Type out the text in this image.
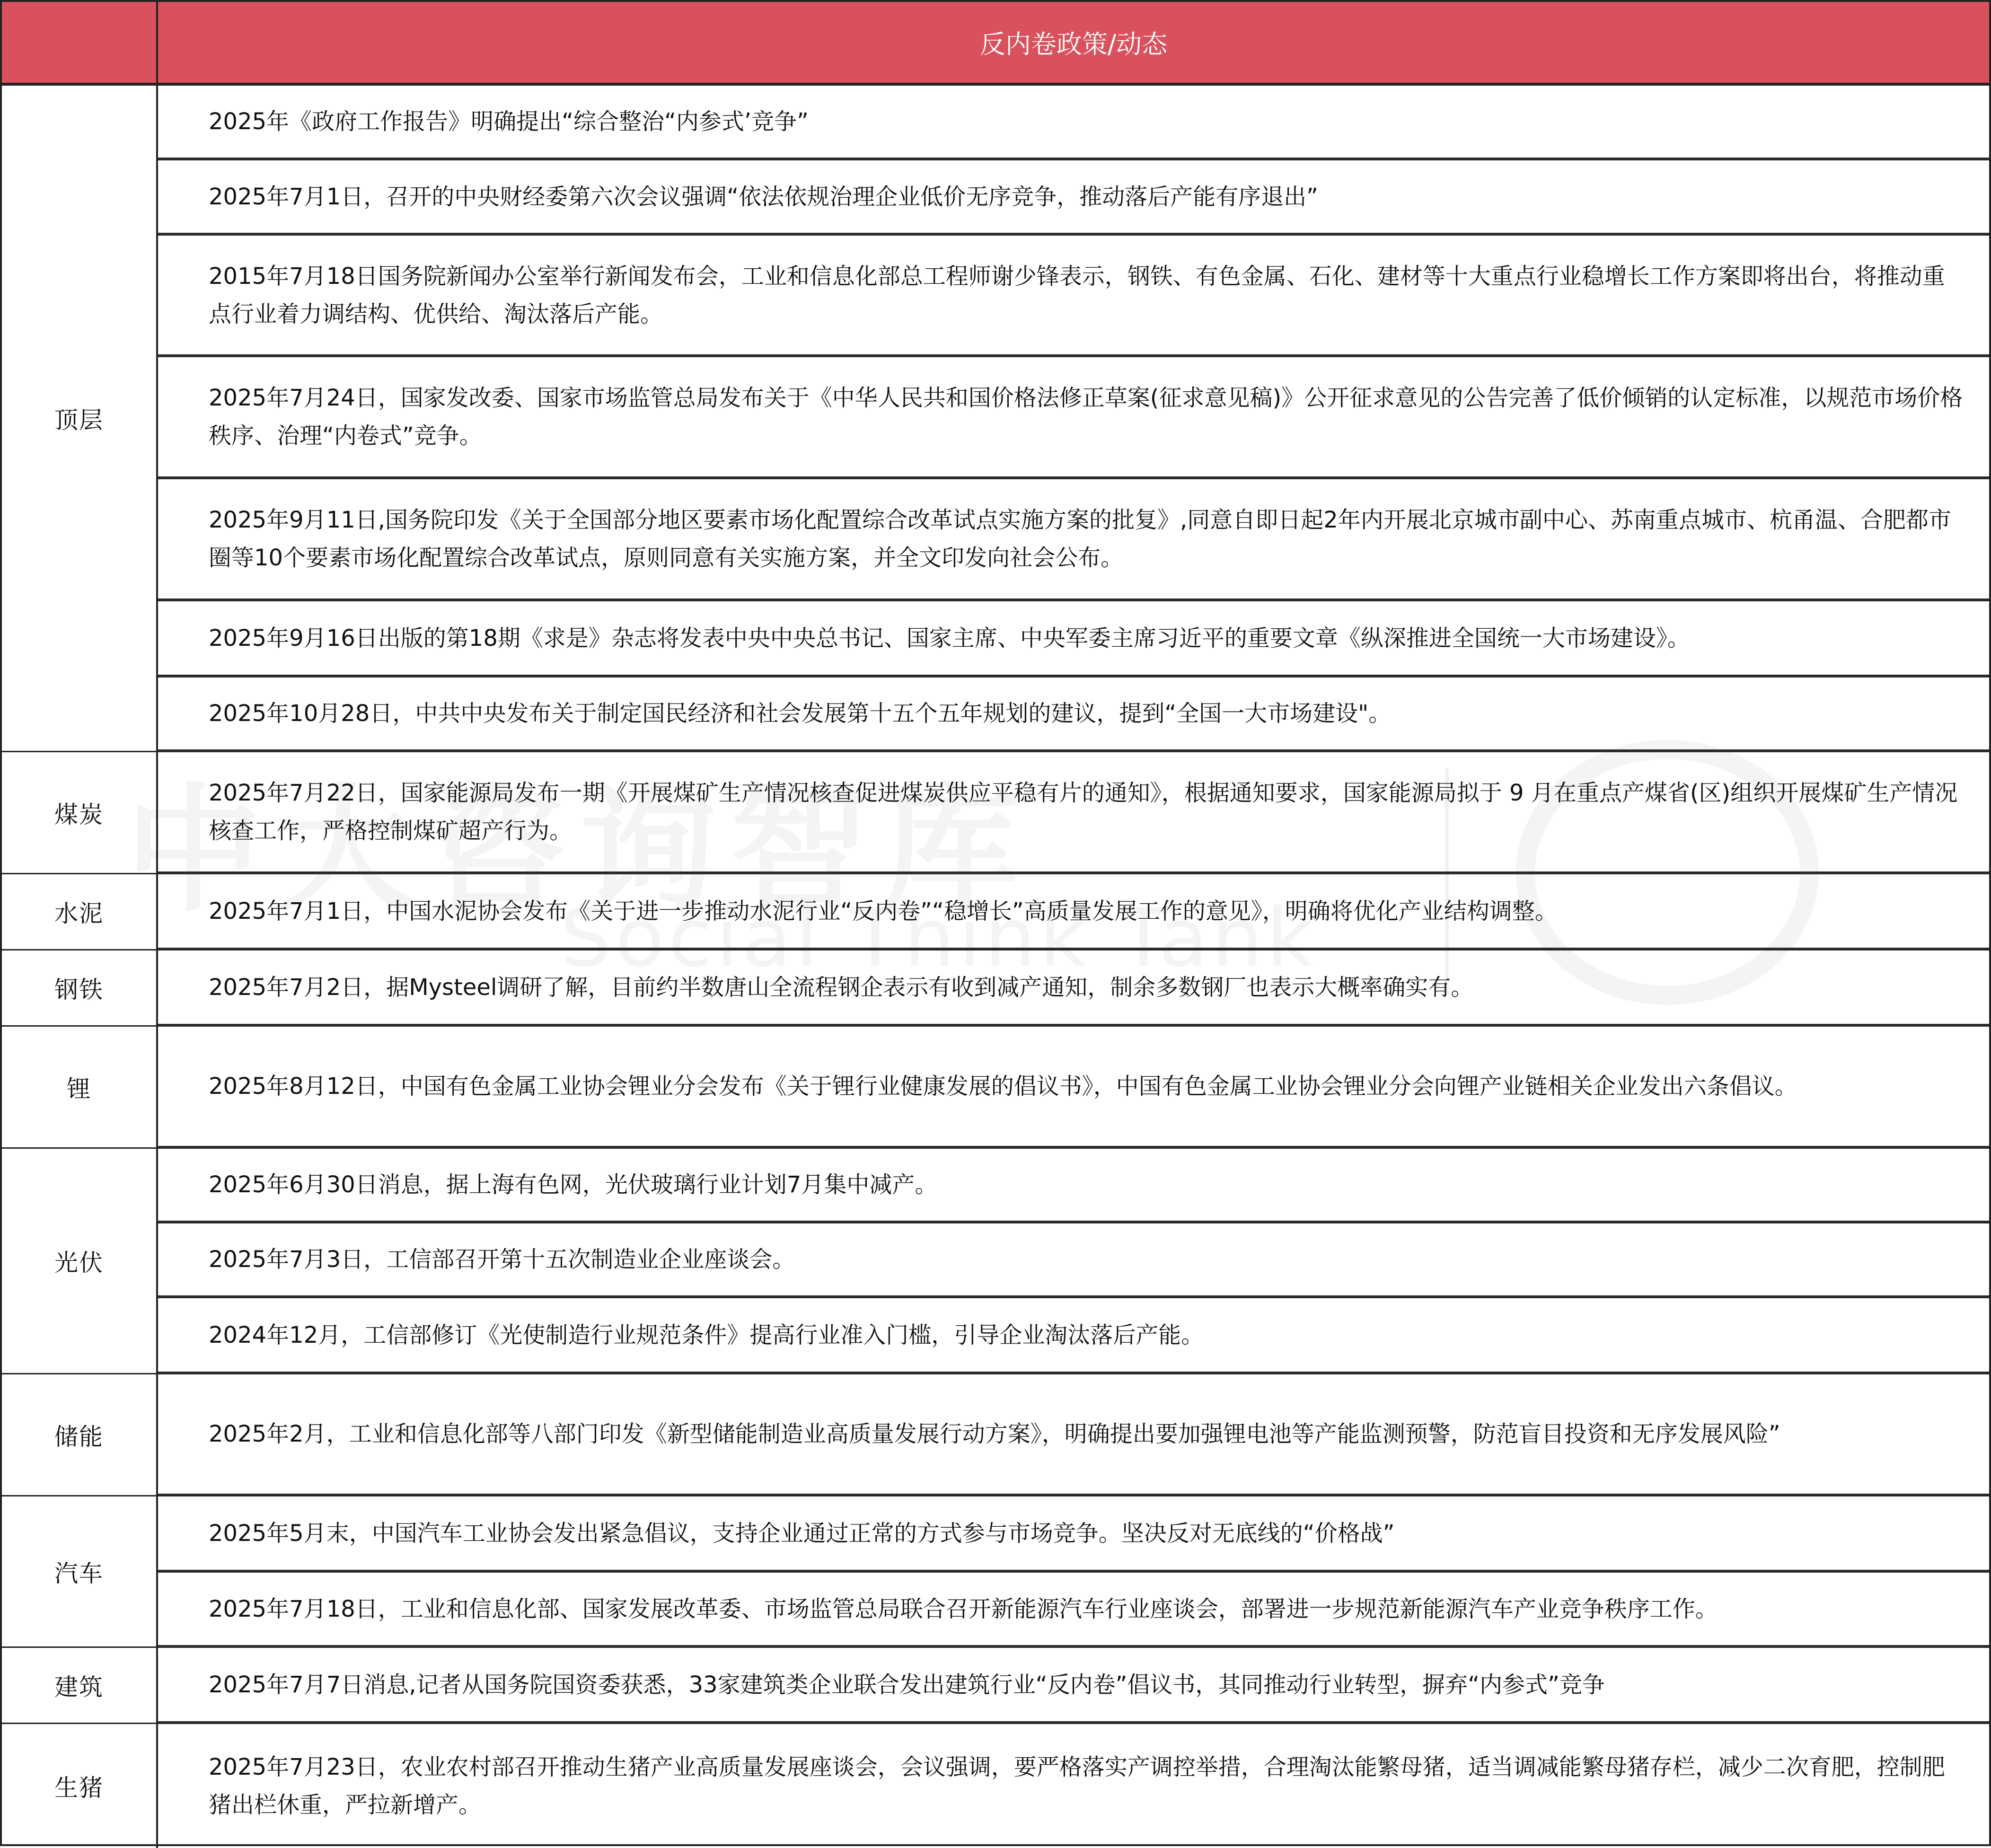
反内卷政策/动态
顶层
煤炭
水泥
钢铁
锂
光伏
储能
汽车
建筑
生猪
2025年《政府工作报告》明确提出“综合整治“内参式’竞争”
2025年7月1日，召开的中央财经委第六次会议强调“依法依规治理企业低价无序竞争，推动落后产能有序退出”
2015年7月18日国务院新闻办公室举行新闻发布会，工业和信息化部总工程师谢少锋表示，钢铁、有色金属、石化、建材等十大重点行业稳增长工作方案即将出台，将推动重点行业着力调结构、优供给、淘汰落后产能。
2025年7月24日，国家发改委、国家市场监管总局发布关于《中华人民共和国价格法修正草案(征求意见稿)》公开征求意见的公告完善了低价倾销的认定标准，以规范市场价格秩序、治理“内卷式”竞争。
2025年9月11日,国务院印发《关于全国部分地区要素市场化配置综合改革试点实施方案的批复》,同意自即日起2年内开展北京城市副中心、苏南重点城市、杭甬温、合肥都市圈等10个要素市场化配置综合改革试点，原则同意有关实施方案，并全文印发向社会公布。
2025年9月16日出版的第18期《求是》杂志将发表中央中央总书记、国家主席、中央军委主席习近平的重要文章《纵深推进全国统一大市场建设》。
2025年10月28日，中共中央发布关于制定国民经济和社会发展第十五个五年规划的建议，提到“全国一大市场建设"。
2025年7月22日，国家能源局发布一期《开展煤矿生产情况核查促进煤炭供应平稳有片的通知》，根据通知要求，国家能源局拟于 9 月在重点产煤省(区)组织开展煤矿生产情况核查工作，严格控制煤矿超产行为。
2025年7月1日，中国水泥协会发布《关于进一步推动水泥行业“反内卷”“稳增长”高质量发展工作的意见》，明确将优化产业结构调整。
2025年7月2日，据Mysteel调研了解，目前约半数唐山全流程钢企表示有收到减产通知，制余多数钢厂也表示大概率确实有。
2025年8月12日，中国有色金属工业协会锂业分会发布《关于锂行业健康发展的倡议书》，中国有色金属工业协会锂业分会向锂产业链相关企业发出六条倡议。
2025年6月30日消息，据上海有色网，光伏玻璃行业计划7月集中减产。
2025年7月3日，工信部召开第十五次制造业企业座谈会。
2024年12月，工信部修订《光使制造行业规范条件》提高行业准入门槛，引导企业淘汰落后产能。
2025年2月，工业和信息化部等八部门印发《新型储能制造业高质量发展行动方案》，明确提出要加强锂电池等产能监测预警，防范盲目投资和无序发展风险”
2025年5月末，中国汽车工业协会发出紧急倡议，支持企业通过正常的方式参与市场竞争。坚决反对无底线的“价格战”
2025年7月18日，工业和信息化部、国家发展改革委、市场监管总局联合召开新能源汽车行业座谈会，部署进一步规范新能源汽车产业竞争秩序工作。
2025年7月7日消息,记者从国务院国资委获悉，33家建筑类企业联合发出建筑行业“反内卷”倡议书，其同推动行业转型，摒弃“内参式”竞争
2025年7月23日，农业农村部召开推动生猪产业高质量发展座谈会，会议强调，要严格落实产调控举措，合理淘汰能繁母猪，适当调减能繁母猪存栏，减少二次育肥，控制肥猪出栏休重，严拉新增产。
